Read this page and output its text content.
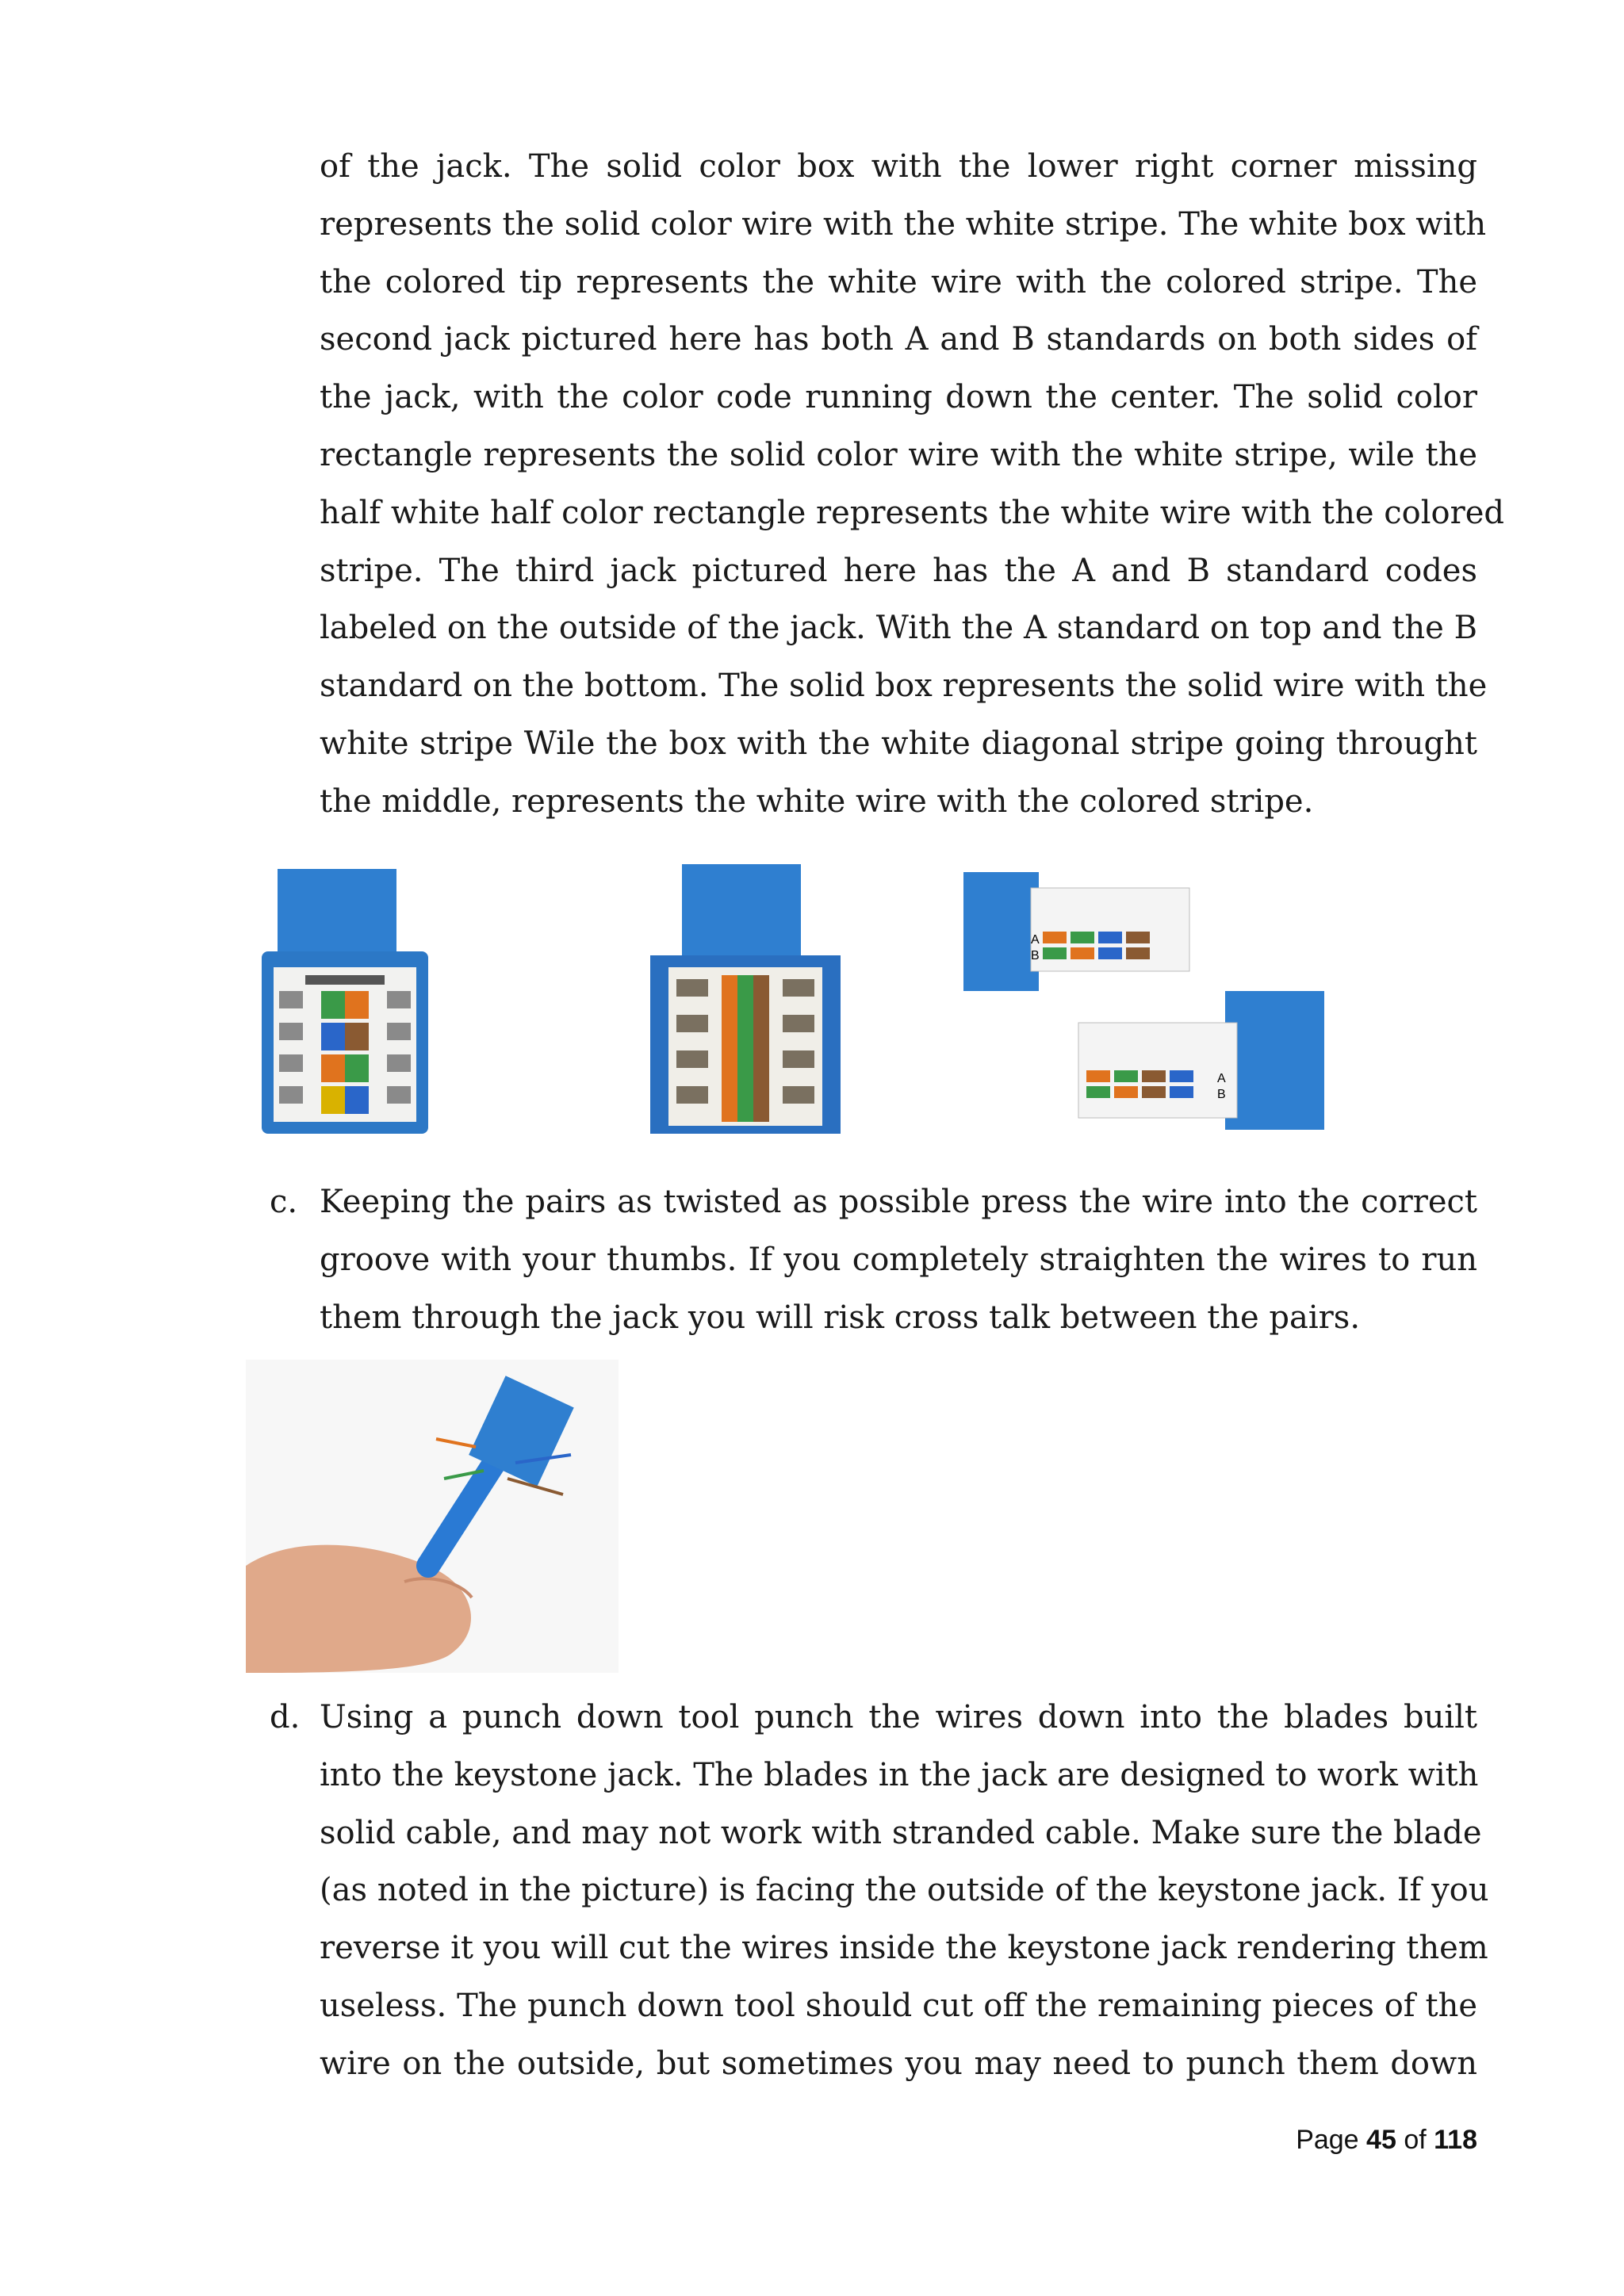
of the jack. The solid color box with the lower right corner missing
represents the solid color wire with the white stripe. The white box with
the colored tip represents the white wire with the colored stripe. The
second jack pictured here has both A and B standards on both sides of
the jack, with the color code running down the center. The solid color
rectangle represents the solid color wire with the white stripe, wile the
half white half color rectangle represents the white wire with the colored
stripe. The third jack pictured here has the A and B standard codes
labeled on the outside of the jack. With the A standard on top and the B
standard on the bottom. The solid box represents the solid wire with the
white stripe Wile the box with the white diagonal stripe going throught
the middle, represents the white wire with the colored stripe.
A
B
A
B
c. Keeping the pairs as twisted as possible press the wire into the correct
groove with your thumbs. If you completely straighten the wires to run
them through the jack you will risk cross talk between the pairs.
d. Using a punch down tool punch the wires down into the blades built
into the keystone jack. The blades in the jack are designed to work with
solid cable, and may not work with stranded cable. Make sure the blade
(as noted in the picture) is facing the outside of the keystone jack. If you
reverse it you will cut the wires inside the keystone jack rendering them
useless. The punch down tool should cut off the remaining pieces of the
wire on the outside, but sometimes you may need to punch them down
Page 45 of 118
